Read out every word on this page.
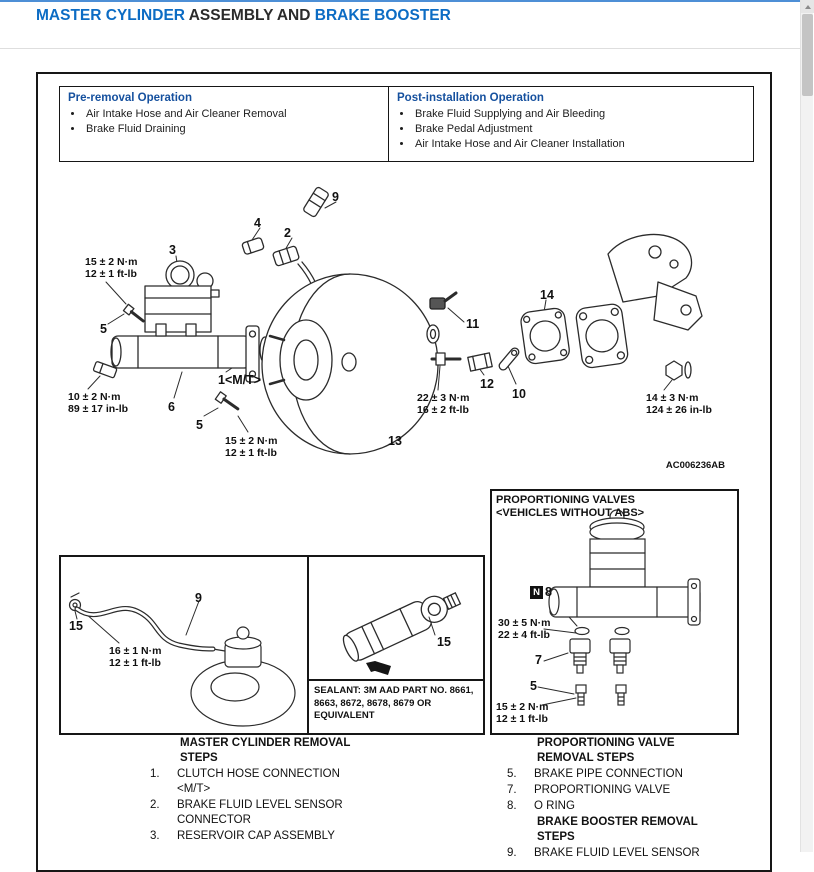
MASTER CYLINDER ASSEMBLY AND BRAKE BOOSTER
Pre-removal Operation
• Air Intake Hose and Air Cleaner Removal
• Brake Fluid Draining
Post-installation Operation
• Brake Fluid Supplying and Air Bleeding
• Brake Pedal Adjustment
• Air Intake Hose and Air Cleaner Installation
9
4
2
3
5
1<M/T>
6
5
13
11
12
10
14
15 ± 2 N·m
12 ± 1 ft-lb
10 ± 2 N·m
89 ± 17 in-lb
15 ± 2 N·m
12 ± 1 ft-lb
22 ± 3 N·m
16 ± 2 ft-lb
14 ± 3 N·m
124 ± 26 in-lb
AC006236AB
15
9
16 ± 1 N·m
12 ± 1 ft-lb
15
SEALANT: 3M AAD PART NO. 8661, 8663, 8672, 8678, 8679 OR EQUIVALENT
PROPORTIONING VALVES
<VEHICLES WITHOUT ABS>
N 8
30 ± 5 N·m
22 ± 4 ft-lb
7
5
15 ± 2 N·m
12 ± 1 ft-lb
MASTER CYLINDER REMOVAL STEPS
1.	CLUTCH HOSE CONNECTION <M/T>
2.	BRAKE FLUID LEVEL SENSOR CONNECTOR
3.	RESERVOIR CAP ASSEMBLY
PROPORTIONING VALVE REMOVAL STEPS
5.	BRAKE PIPE CONNECTION
7.	PROPORTIONING VALVE
8.	O RING
BRAKE BOOSTER REMOVAL STEPS
9.	BRAKE FLUID LEVEL SENSOR
